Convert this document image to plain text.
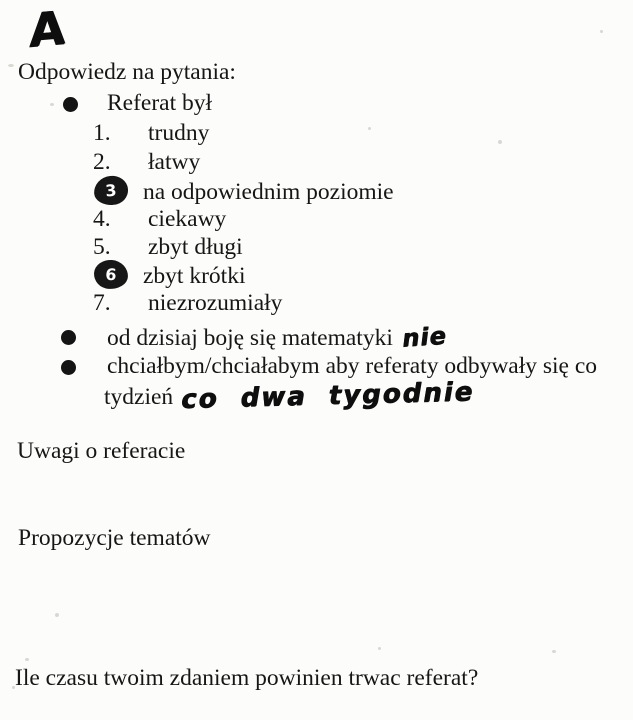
A
Odpowiedz na pytania:
Referat był
1.	trudny
2.	łatwy
3 na odpowiednim poziomie
4.	ciekawy
5.	zbyt długi
6 zbyt krótki
7.	niezrozumiały
od dzisiaj boję się matematyki nie
chciałbym/chciałabym aby referaty odbywały się co
tydzień co dwa tygodnie
Uwagi o referacie
Propozycje tematów
Ile czasu twoim zdaniem powinien trwac referat?
